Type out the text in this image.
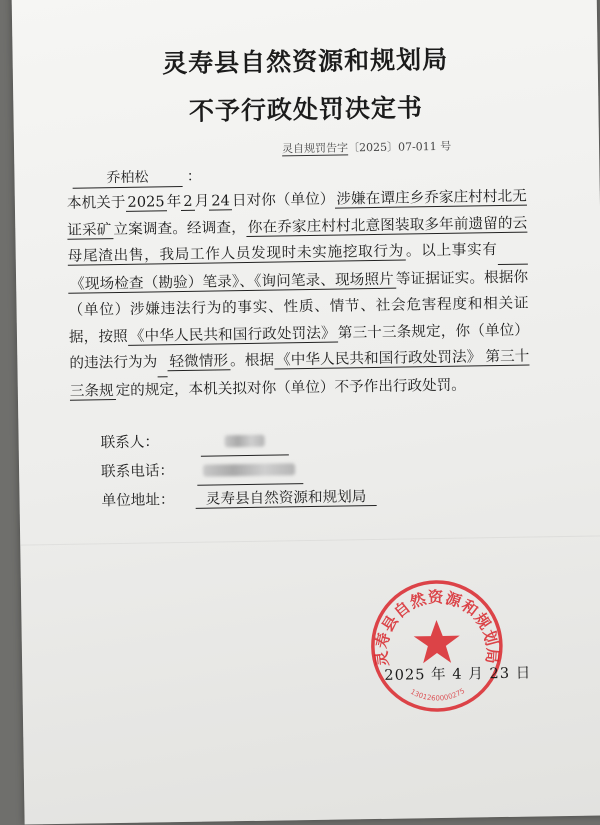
灵寿县自然资源和规划局
不予行政处罚决定书
灵自规罚告字〔2025〕07-011 号
乔柏松	：

本机关于 2025 年 2 月 24 日对你（单位） 涉嫌在谭庄乡乔家庄村村北无证采矿 立案调查。经调查， 你在乔家庄村村北意图装取多年前遗留的云母尾渣出售，我局工作人员发现时未实施挖取行为 。以上事实有 《现场检查（勘验）笔录》、《询问笔录、现场照片 等证据证实。根据你（单位）涉嫌违法行为的事实、性质、情节、社会危害程度和相关证据，按照 《中华人民共和国行政处罚法》 第三十三条规定，你（单位）的违法行为为 轻微情形 。根据 《中华人民共和国行政处罚法》 第三十三条规 定的规定，本机关拟对你（单位）不予作出行政处罚。

联系人：

联系电话：

单位地址： 灵寿县自然资源和规划局
灵寿县自然资源和规划局
1301260000275
2025 年 4 月 23 日
